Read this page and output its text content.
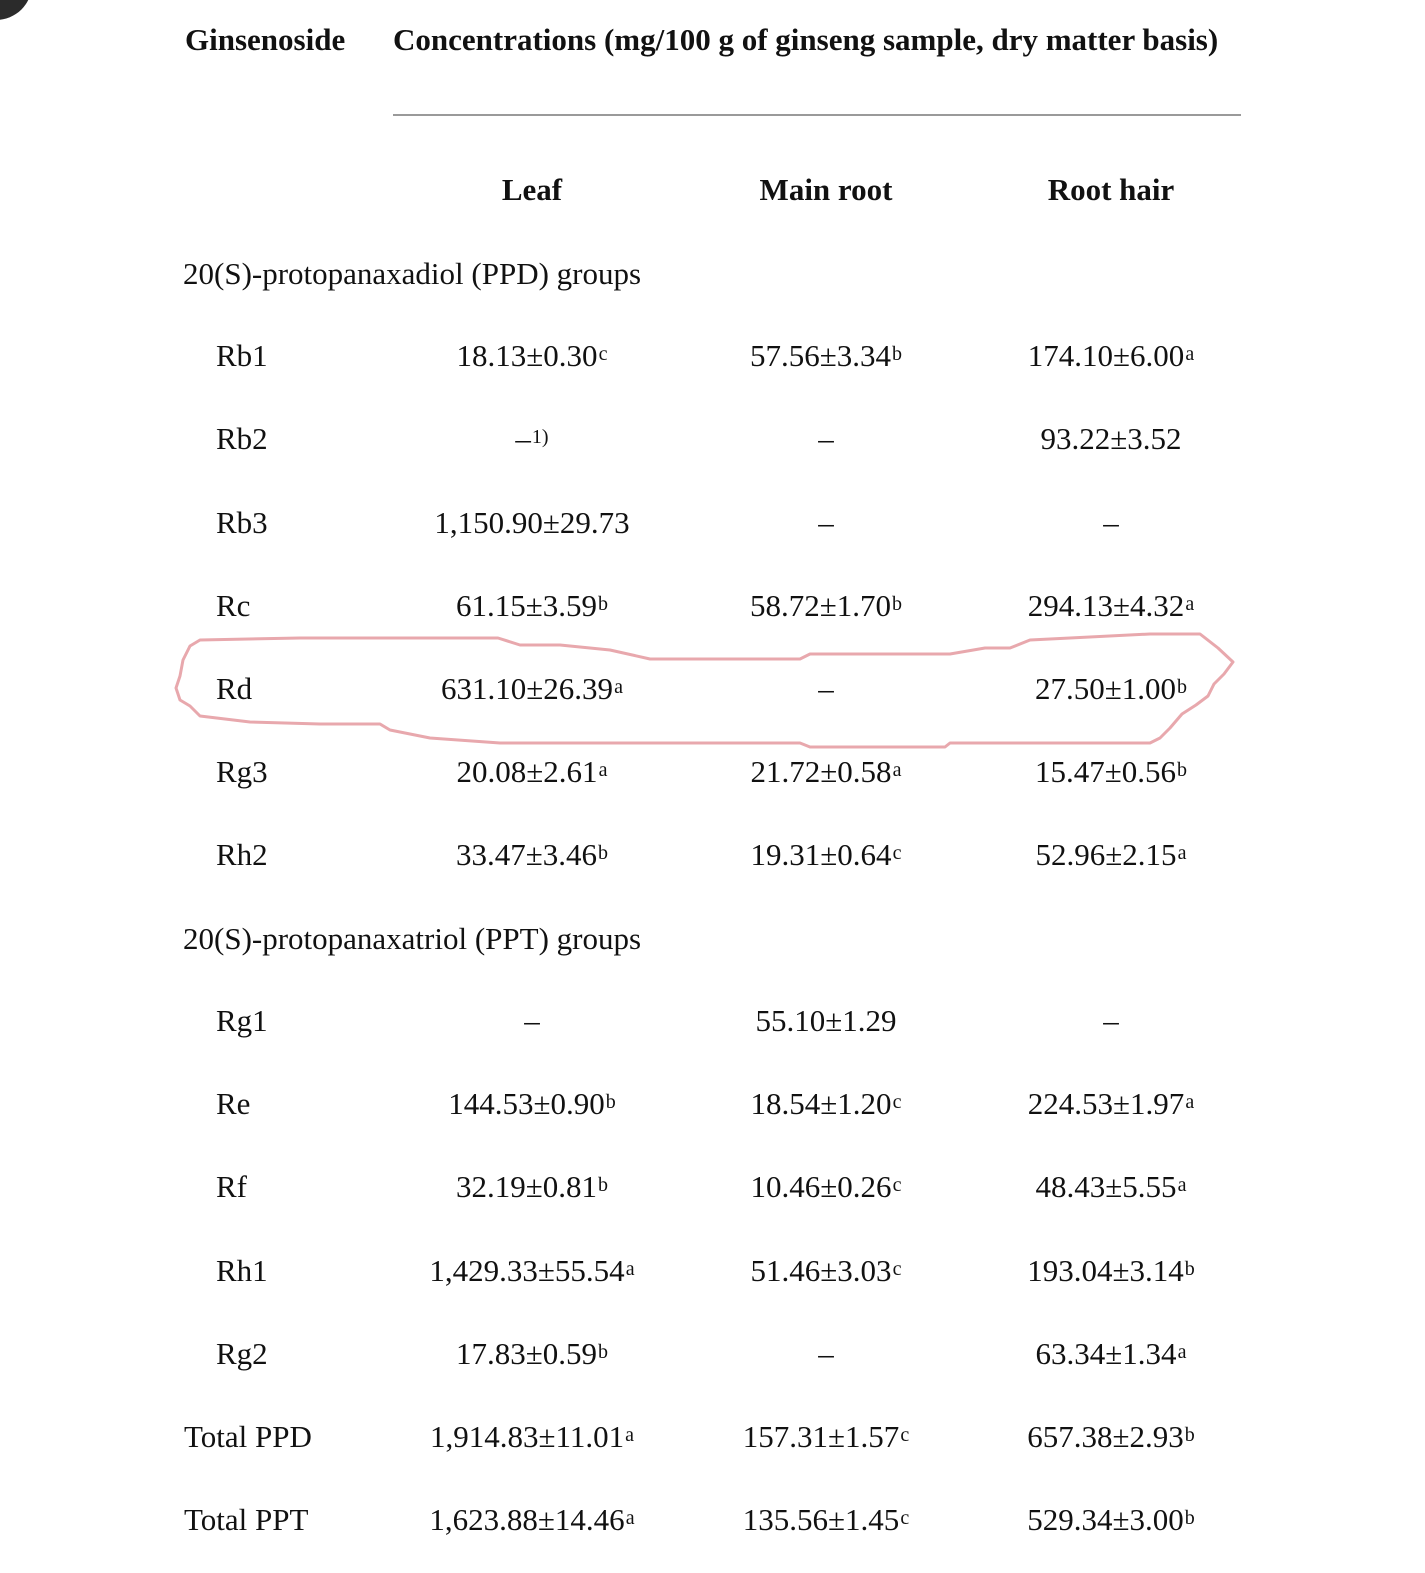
Ginsenoside Concentrations (mg/100 g of ginseng sample, dry matter basis)
Leaf	Main root	Root hair
20(S)-protopanaxadiol (PPD) groups
20(S)-protopanaxatriol (PPT) groups
Rb1	18.13±0.30$^c$	57.56±3.34$^b$	174.10±6.00$^a$
Rb2	–$^{1)}$	–	93.22±3.52
Rb3	1,150.90±29.73	–	–
Rc	61.15±3.59$^b$	58.72±1.70$^b$	294.13±4.32$^a$
Rd	631.10±26.39$^a$	–	27.50±1.00$^b$
Rg3	20.08±2.61$^a$	21.72±0.58$^a$	15.47±0.56$^b$
Rh2	33.47±3.46$^b$	19.31±0.64$^c$	52.96±2.15$^a$
Rg1	–	55.10±1.29	–
Re	144.53±0.90$^b$	18.54±1.20$^c$	224.53±1.97$^a$
Rf	32.19±0.81$^b$	10.46±0.26$^c$	48.43±5.55$^a$
Rh1	1,429.33±55.54$^a$	51.46±3.03$^c$	193.04±3.14$^b$
Rg2	17.83±0.59$^b$	–	63.34±1.34$^a$
Total PPD	1,914.83±11.01$^a$	157.31±1.57$^c$	657.38±2.93$^b$
Total PPT	1,623.88±14.46$^a$	135.56±1.45$^c$	529.34±3.00$^b$
